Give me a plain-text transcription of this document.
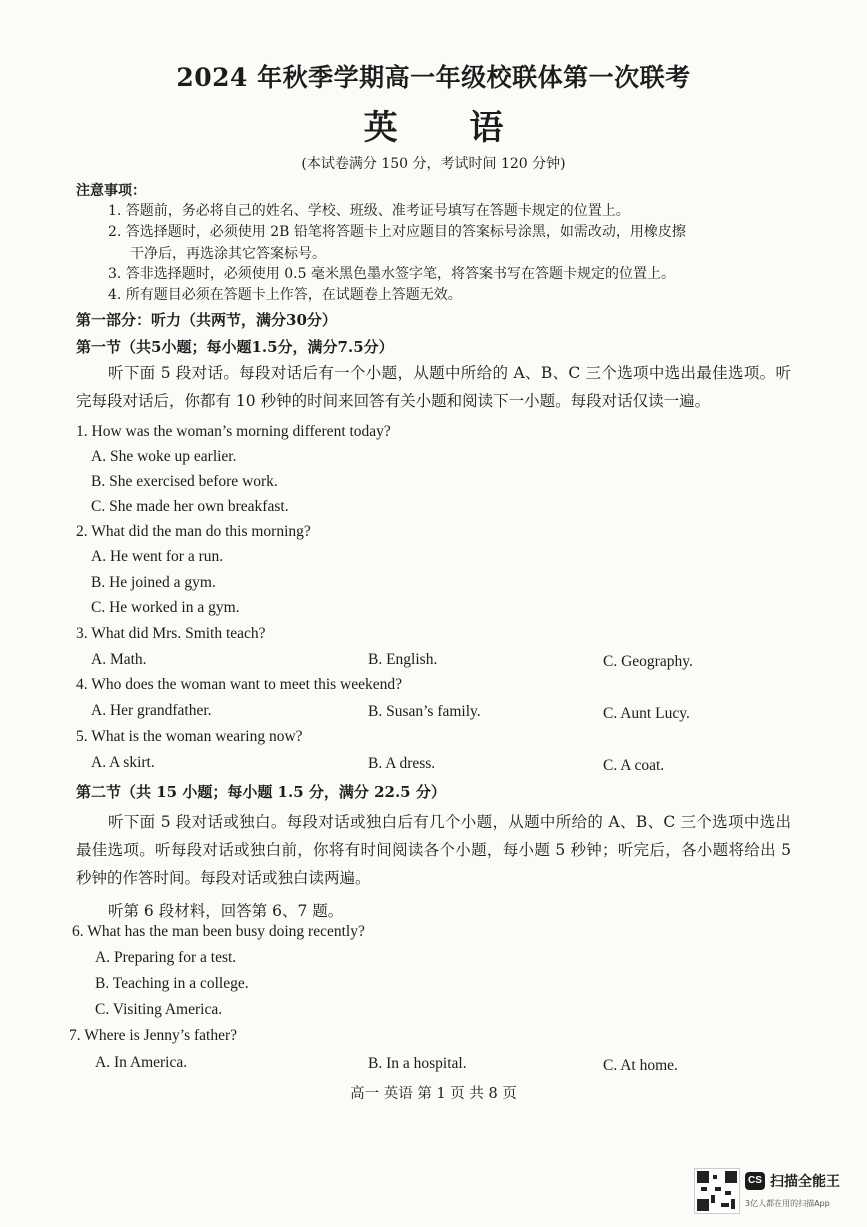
2024 年秋季学期高一年级校联体第一次联考
英 语
(本试卷满分 150 分，考试时间 120 分钟)
注意事项：
1. 答题前，务必将自己的姓名、学校、班级、准考证号填写在答题卡规定的位置上。
2. 答选择题时，必须使用 2B 铅笔将答题卡上对应题目的答案标号涂黑，如需改动，用橡皮擦
干净后，再选涂其它答案标号。
3. 答非选择题时，必须使用 0.5 毫米黑色墨水签字笔，将答案书写在答题卡规定的位置上。
4. 所有题目必须在答题卡上作答，在试题卷上答题无效。
第一部分：听力（共两节，满分30分）
第一节（共5小题；每小题1.5分，满分7.5分）
听下面 5 段对话。每段对话后有一个小题，从题中所给的 A、B、C 三个选项中选出最佳选项。听完每段对话后，你都有 10 秒钟的时间来回答有关小题和阅读下一小题。每段对话仅读一遍。
1. How was the woman’s morning different today?
A. She woke up earlier.
B. She exercised before work.
C. She made her own breakfast.
2. What did the man do this morning?
A. He went for a run.
B. He joined a gym.
C. He worked in a gym.
3. What did Mrs. Smith teach?
A. Math.	B. English.	C. Geography.
4. Who does the woman want to meet this weekend?
A. Her grandfather.	B. Susan’s family.	C. Aunt Lucy.
5. What is the woman wearing now?
A. A skirt.	B. A dress.	C. A coat.
第二节（共 15 小题；每小题 1.5 分，满分 22.5 分）
听下面 5 段对话或独白。每段对话或独白后有几个小题，从题中所给的 A、B、C 三个选项中选出最佳选项。听每段对话或独白前，你将有时间阅读各个小题，每小题 5 秒钟；听完后，各小题将给出 5 秒钟的作答时间。每段对话或独白读两遍。
听第 6 段材料，回答第 6、7 题。
6. What has the man been busy doing recently?
A. Preparing for a test.
B. Teaching in a college.
C. Visiting America.
7. Where is Jenny’s father?
A. In America.	B. In a hospital.	C. At home.
高一 英语 第 1 页 共 8 页
CS 扫描全能王
3亿人都在用的扫描App
